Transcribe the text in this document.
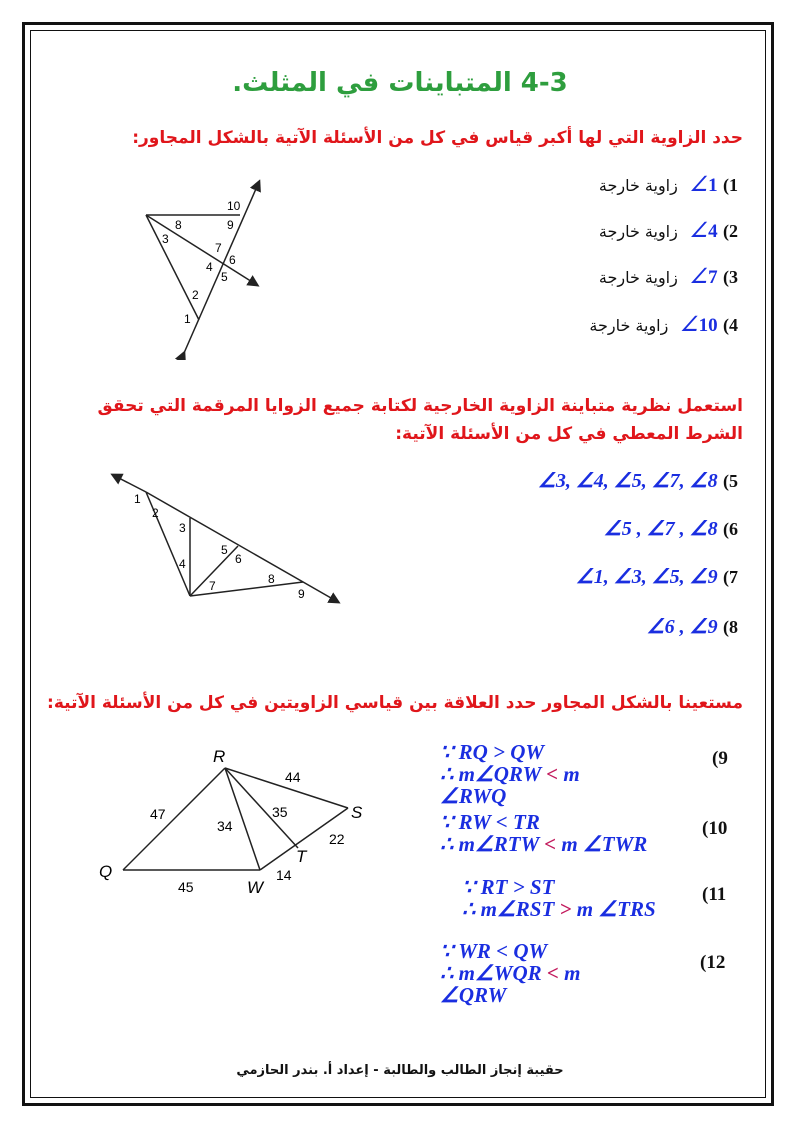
4-3 المتباينات في المثلث.
حدد الزاوية التي لها أكبر قياس في كل من الأسئلة الآتية بالشكل المجاور:
1) 1∠ زاوية خارجة
2) 4∠ زاوية خارجة
3) 7∠ زاوية خارجة
4) 10∠ زاوية خارجة
10
8	9
3
7
6
4
5
2
1
استعمل نظرية متباينة الزاوية الخارجية لكتابة جميع الزوايا المرقمة التي تحقق
الشرط المعطي في كل من الأسئلة الآتية:
5) ∠3, ∠4, ∠5, ∠7, ∠8
6) ∠5 , ∠7 , ∠8
7) ∠1, ∠3, ∠5, ∠9
8) ∠6 , ∠9
1
2
3
4
5
6
7	8
9
مستعينا بالشكل المجاور حدد العلاقة بين قياسي الزاويتين في كل من الأسئلة الآتية:
∵ RQ > QW
∴ m∠QRW < m ∠RWQ
(9
∵ RW < TR
∴ m∠RTW < m ∠TWR
(10
∵ RT > ST
∴ m∠RST > m ∠TRS
(11
∵ WR < QW
∴ m∠WQR < m ∠QRW
(12
R
S
Q
W
T
44
47
34
35
22
45
14
حقيبة إنجاز الطالب والطالبة - إعداد أ. بندر الحازمي
